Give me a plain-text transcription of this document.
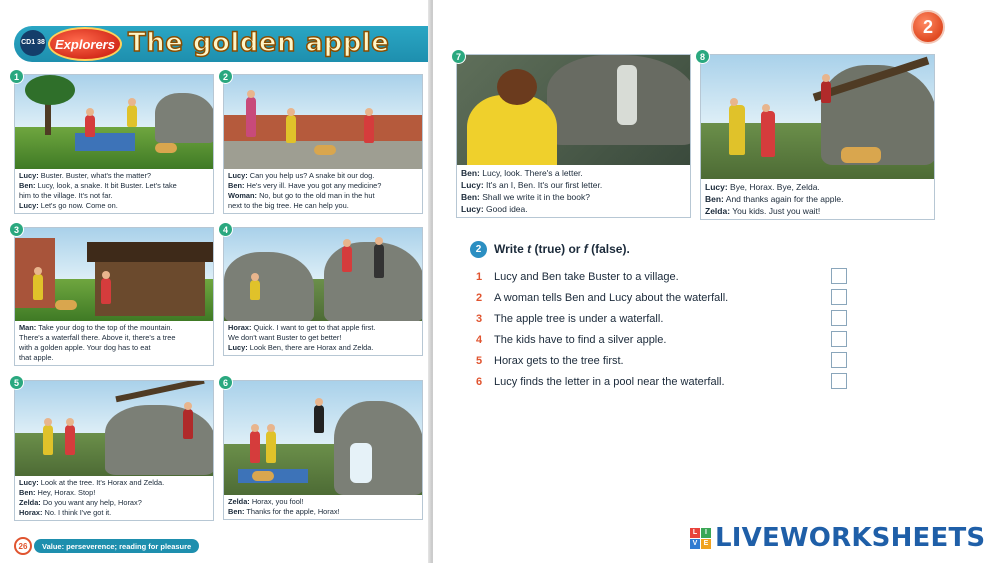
CD1 38 Explorers The golden apple
1
Lucy: Buster. Buster, what's the matter?
Ben: Lucy, look, a snake. It bit Buster. Let's take
him to the village. It's not far.
Lucy: Let's go now. Come on.
2
Lucy: Can you help us? A snake bit our dog.
Ben: He's very ill. Have you got any medicine?
Woman: No, but go to the old man in the hut
next to the big tree. He can help you.
3
Man: Take your dog to the top of the mountain.
There's a waterfall there. Above it, there's a tree
with a golden apple. Your dog has to eat
that apple.
4
Horax: Quick. I want to get to that apple first.
We don't want Buster to get better!
Lucy: Look Ben, there are Horax and Zelda.
5
Lucy: Look at the tree. It's Horax and Zelda.
Ben: Hey, Horax. Stop!
Zelda: Do you want any help, Horax?
Horax: No. I think I've got it.
6
Zelda: Horax, you fool!
Ben: Thanks for the apple, Horax!
26	Value: perseverence; reading for pleasure
2
7
Ben: Lucy, look. There's a letter.
Lucy: It's an I, Ben. It's our first letter.
Ben: Shall we write it in the book?
Lucy: Good idea.
8
Lucy: Bye, Horax. Bye, Zelda.
Ben: And thanks again for the apple.
Zelda: You kids. Just you wait!
2	Write t (true) or f (false).
1	Lucy and Ben take Buster to a village.
2	A woman tells Ben and Lucy about the waterfall.
3	The apple tree is under a waterfall.
4	The kids have to find a silver apple.
5	Horax gets to the tree first.
6	Lucy finds the letter in a pool near the waterfall.
L	I
V E LIVEWORKSHEETS
